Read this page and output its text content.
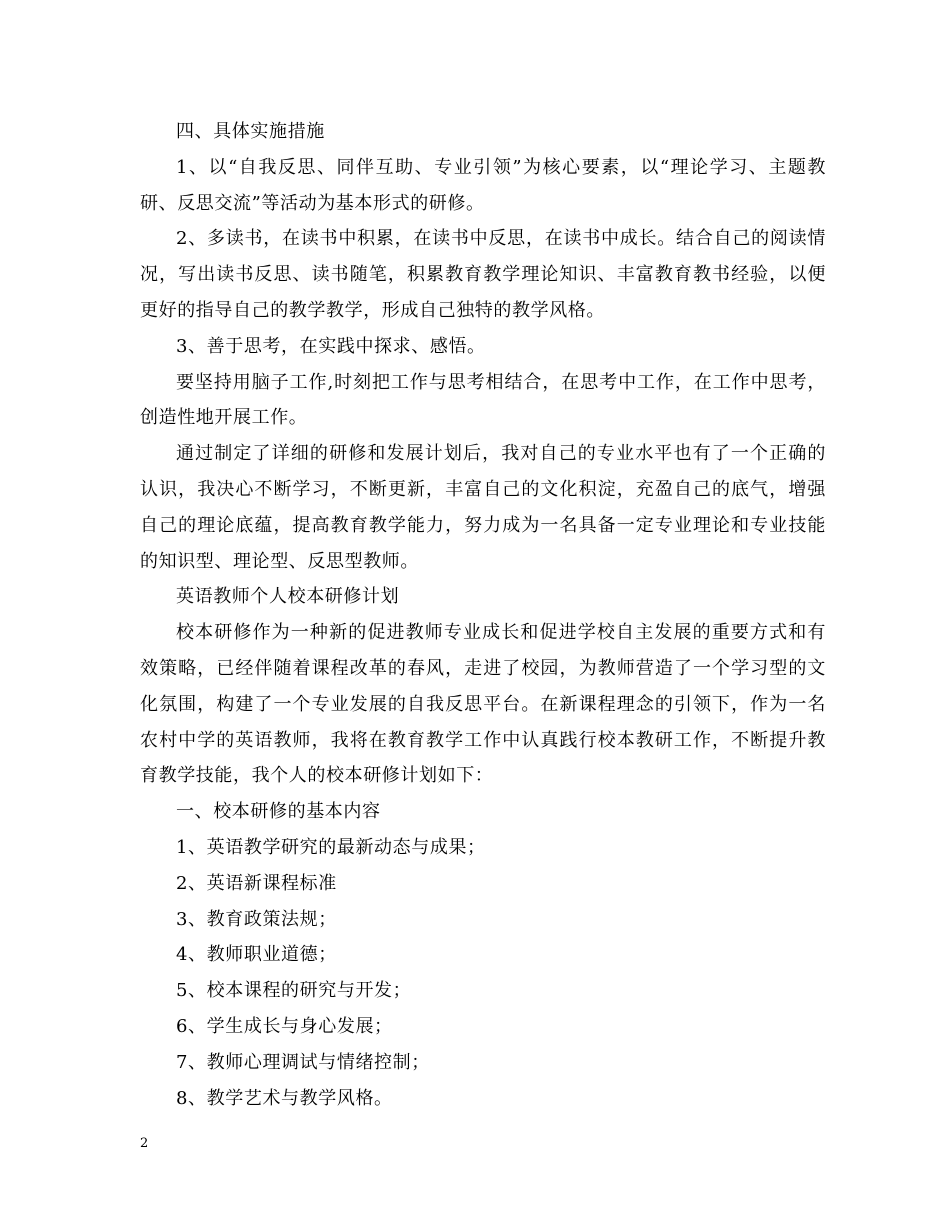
四、具体实施措施

1、以“自我反思、同伴互助、专业引领”为核心要素，以“理论学习、主题教研、反思交流”等活动为基本形式的研修。

2、多读书，在读书中积累，在读书中反思，在读书中成长。结合自己的阅读情况，写出读书反思、读书随笔，积累教育教学理论知识、丰富教育教书经验，以便更好的指导自己的教学教学，形成自己独特的教学风格。

3、善于思考，在实践中探求、感悟。

要坚持用脑子工作,时刻把工作与思考相结合，在思考中工作，在工作中思考，创造性地开展工作。

通过制定了详细的研修和发展计划后，我对自己的专业水平也有了一个正确的认识，我决心不断学习，不断更新，丰富自己的文化积淀，充盈自己的底气，增强自己的理论底蕴，提高教育教学能力，努力成为一名具备一定专业理论和专业技能的知识型、理论型、反思型教师。

英语教师个人校本研修计划

校本研修作为一种新的促进教师专业成长和促进学校自主发展的重要方式和有效策略，已经伴随着课程改革的春风，走进了校园，为教师营造了一个学习型的文化氛围，构建了一个专业发展的自我反思平台。在新课程理念的引领下，作为一名农村中学的英语教师，我将在教育教学工作中认真践行校本教研工作，不断提升教育教学技能，我个人的校本研修计划如下：

一、校本研修的基本内容

1、英语教学研究的最新动态与成果；

2、英语新课程标准

3、教育政策法规；

4、教师职业道德；

5、校本课程的研究与开发；

6、学生成长与身心发展；

7、教师心理调试与情绪控制；

8、教学艺术与教学风格。

2
